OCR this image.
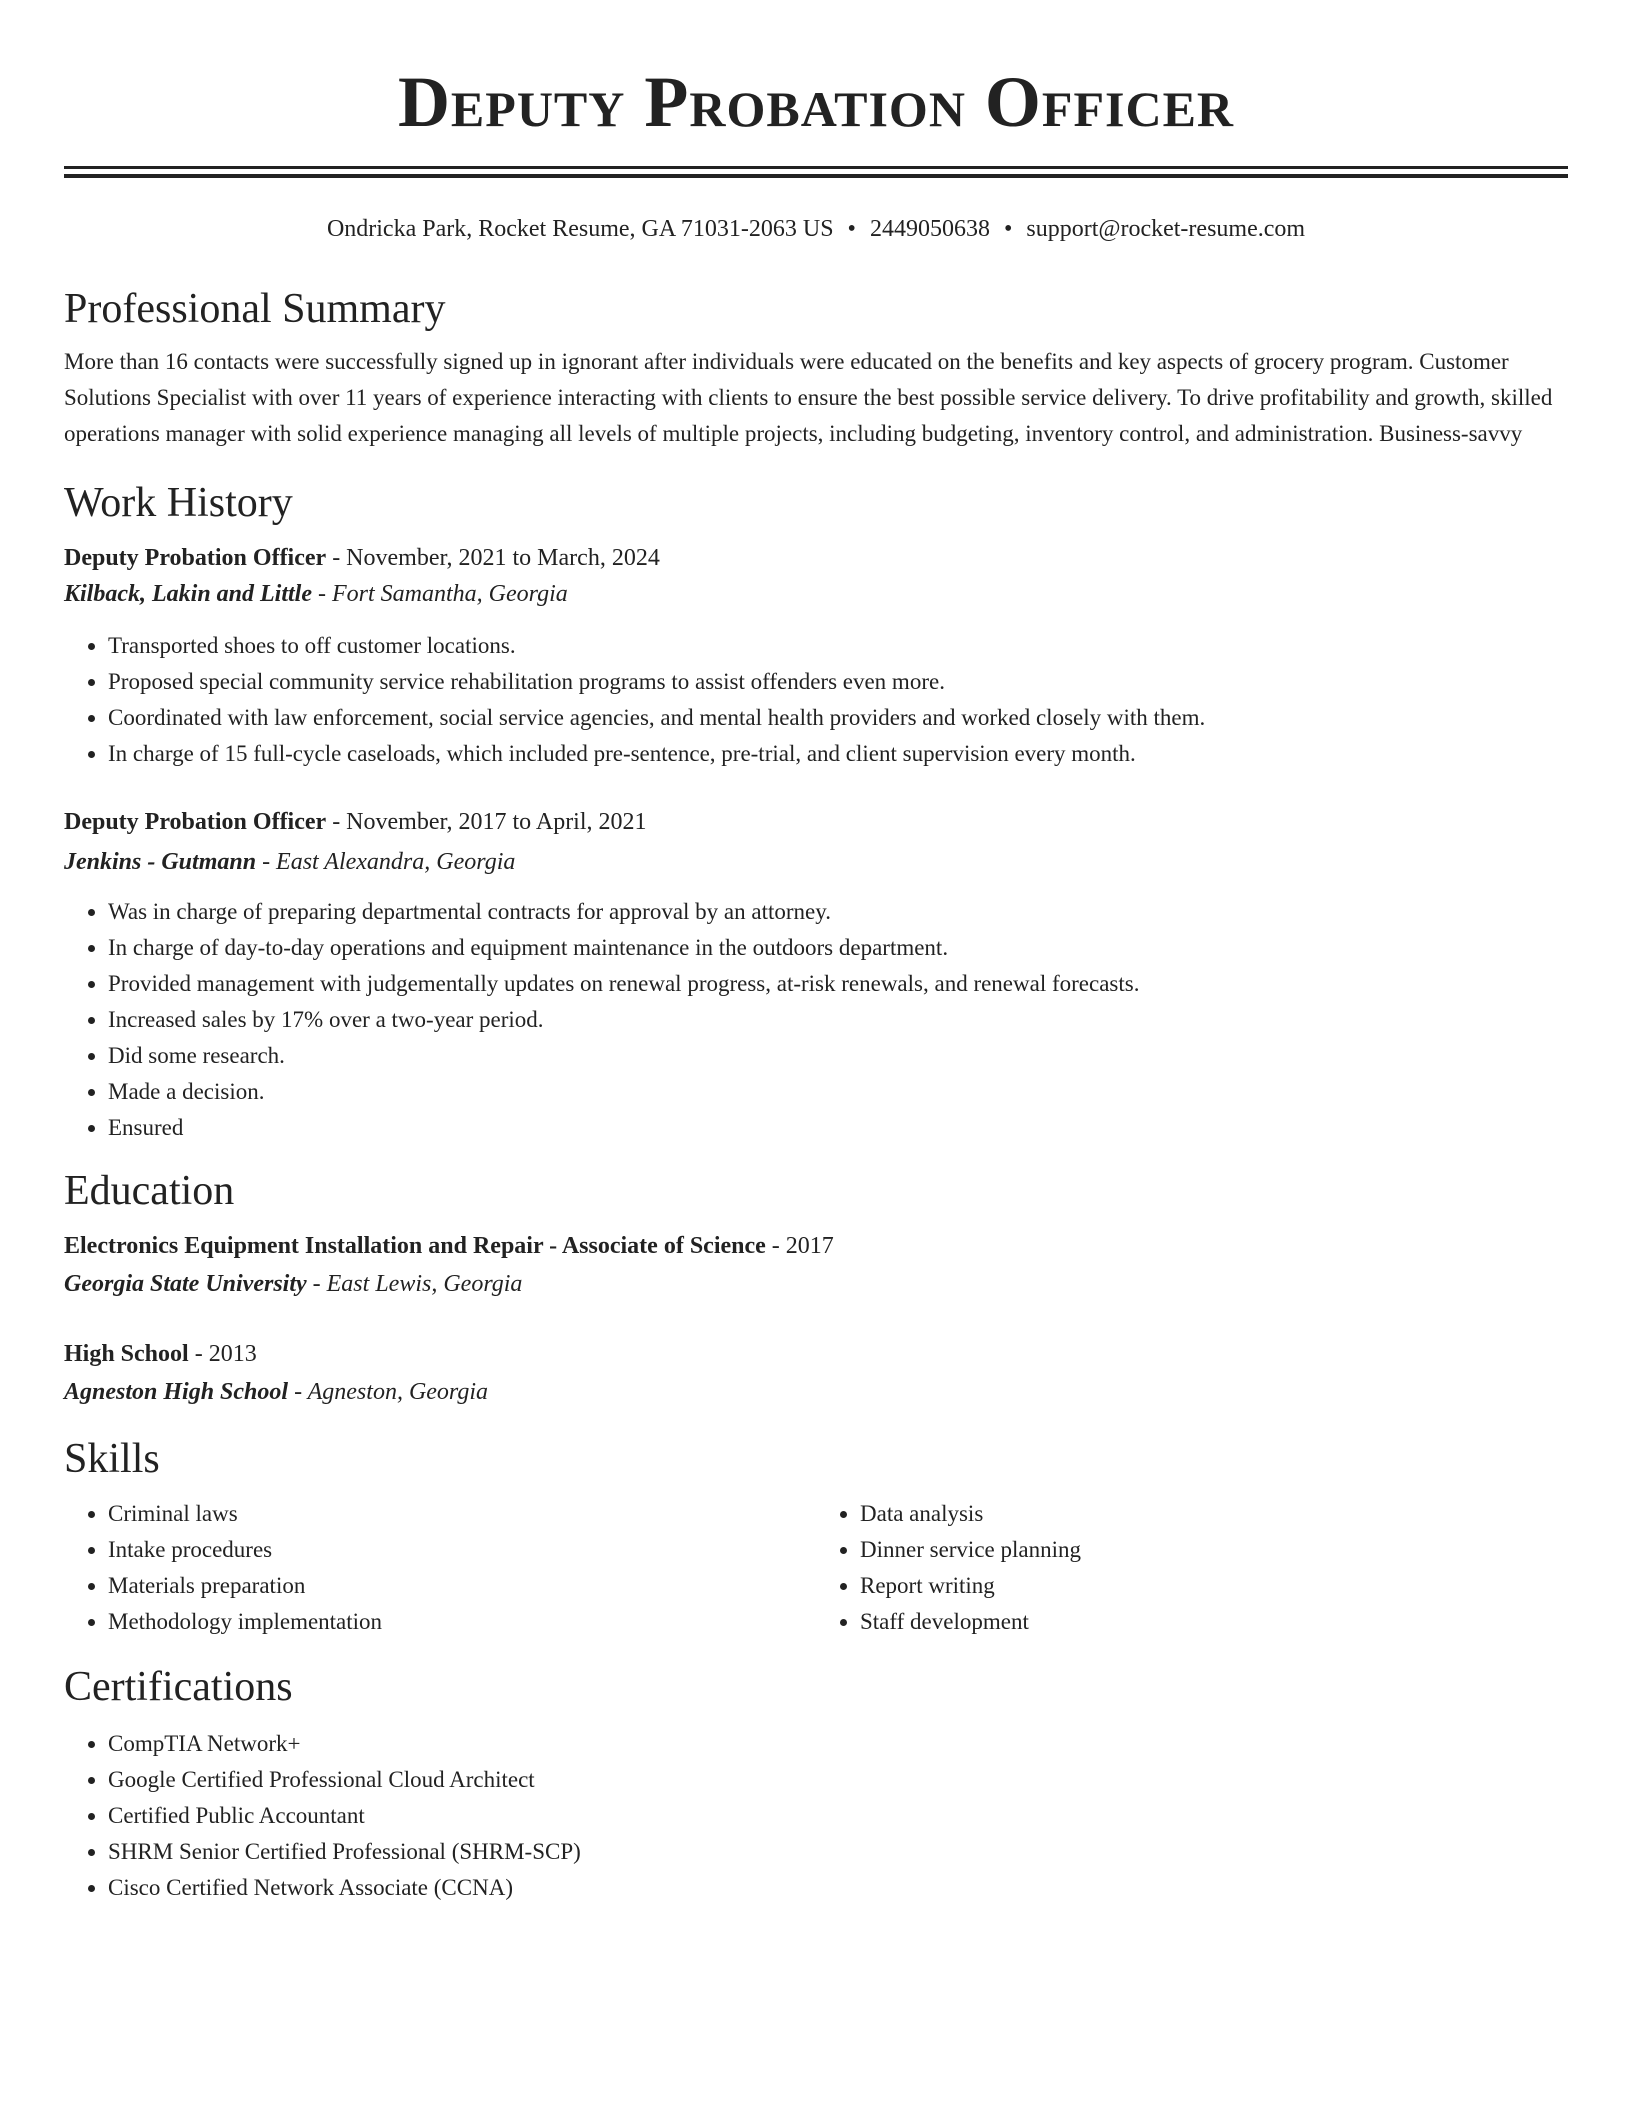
Deputy Probation Officer
Ondricka Park, Rocket Resume, GA 71031-2063 US • 2449050638 • support@rocket-resume.com
Professional Summary

More than 16 contacts were successfully signed up in ignorant after individuals were educated on the benefits and key aspects of grocery program. Customer Solutions Specialist with over 11 years of experience interacting with clients to ensure the best possible service delivery. To drive profitability and growth, skilled operations manager with solid experience managing all levels of multiple projects, including budgeting, inventory control, and administration. Business-savvy

Work History
Deputy Probation Officer - November, 2021 to March, 2024
Kilback, Lakin and Little - Fort Samantha, Georgia
• Transported shoes to off customer locations.
• Proposed special community service rehabilitation programs to assist offenders even more.
• Coordinated with law enforcement, social service agencies, and mental health providers and worked closely with them.
• In charge of 15 full-cycle caseloads, which included pre-sentence, pre-trial, and client supervision every month.
Deputy Probation Officer - November, 2017 to April, 2021
Jenkins - Gutmann - East Alexandra, Georgia
• Was in charge of preparing departmental contracts for approval by an attorney.
• In charge of day-to-day operations and equipment maintenance in the outdoors department.
• Provided management with judgementally updates on renewal progress, at-risk renewals, and renewal forecasts.
• Increased sales by 17% over a two-year period.
• Did some research.
• Made a decision.
• Ensured
Education
Electronics Equipment Installation and Repair - Associate of Science - 2017
Georgia State University - East Lewis, Georgia
High School - 2013
Agneston High School - Agneston, Georgia
Skills
• Criminal laws
• Intake procedures
• Materials preparation
• Methodology implementation
• Data analysis
• Dinner service planning
• Report writing
• Staff development
Certifications
• CompTIA Network+
• Google Certified Professional Cloud Architect
• Certified Public Accountant
• SHRM Senior Certified Professional (SHRM-SCP)
• Cisco Certified Network Associate (CCNA)
